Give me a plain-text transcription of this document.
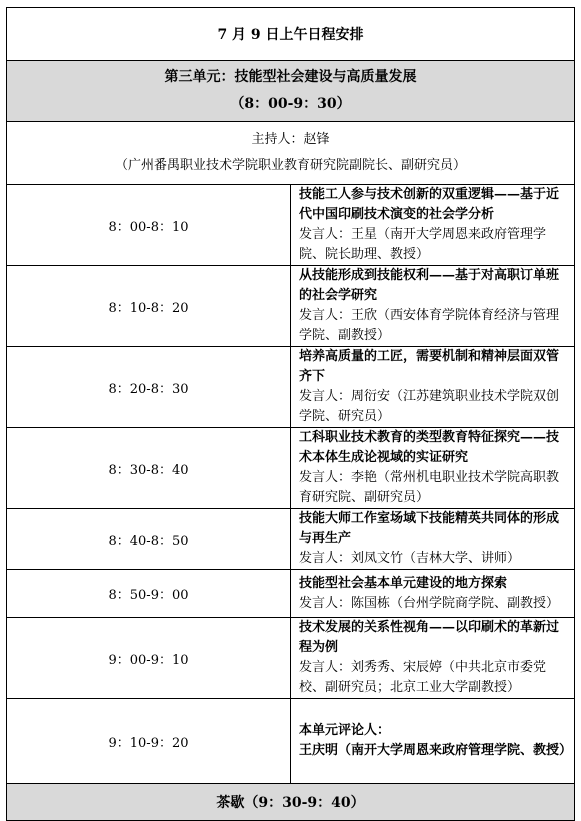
7 月 9 日上午日程安排	

第三单元：技能型社会建设与高质量发展
（8：00-9：30）	

主持人：赵锋
（广州番禺职业技术学院职业教育研究院副院长、副研究员）	

8：00-8：10	技能工人参与技术创新的双重逻辑——基于近代中国印刷技术演变的社会学分析
发言人：王星（南开大学周恩来政府管理学院、院长助理、教授）

8：10-8：20	从技能形成到技能权利——基于对高职订单班的社会学研究
发言人：王欣（西安体育学院体育经济与管理学院、副教授）

8：20-8：30	培养高质量的工匠，需要机制和精神层面双管齐下
发言人：周衍安（江苏建筑职业技术学院双创学院、研究员）

8：30-8：40	工科职业技术教育的类型教育特征探究——技术本体生成论视域的实证研究
发言人：李艳（常州机电职业技术学院高职教育研究院、副研究员）

8：40-8：50	技能大师工作室场域下技能精英共同体的形成与再生产
发言人：刘凤文竹（吉林大学、讲师）

8：50-9：00	技能型社会基本单元建设的地方探索
发言人：陈国栋（台州学院商学院、副教授）

9：00-9：10	技术发展的关系性视角——以印刷术的革新过程为例
发言人：刘秀秀、宋辰婷（中共北京市委党校、副研究员；北京工业大学副教授）

9：10-9：20	本单元评论人：
王庆明（南开大学周恩来政府管理学院、教授）

茶歇（9：30-9：40）	
